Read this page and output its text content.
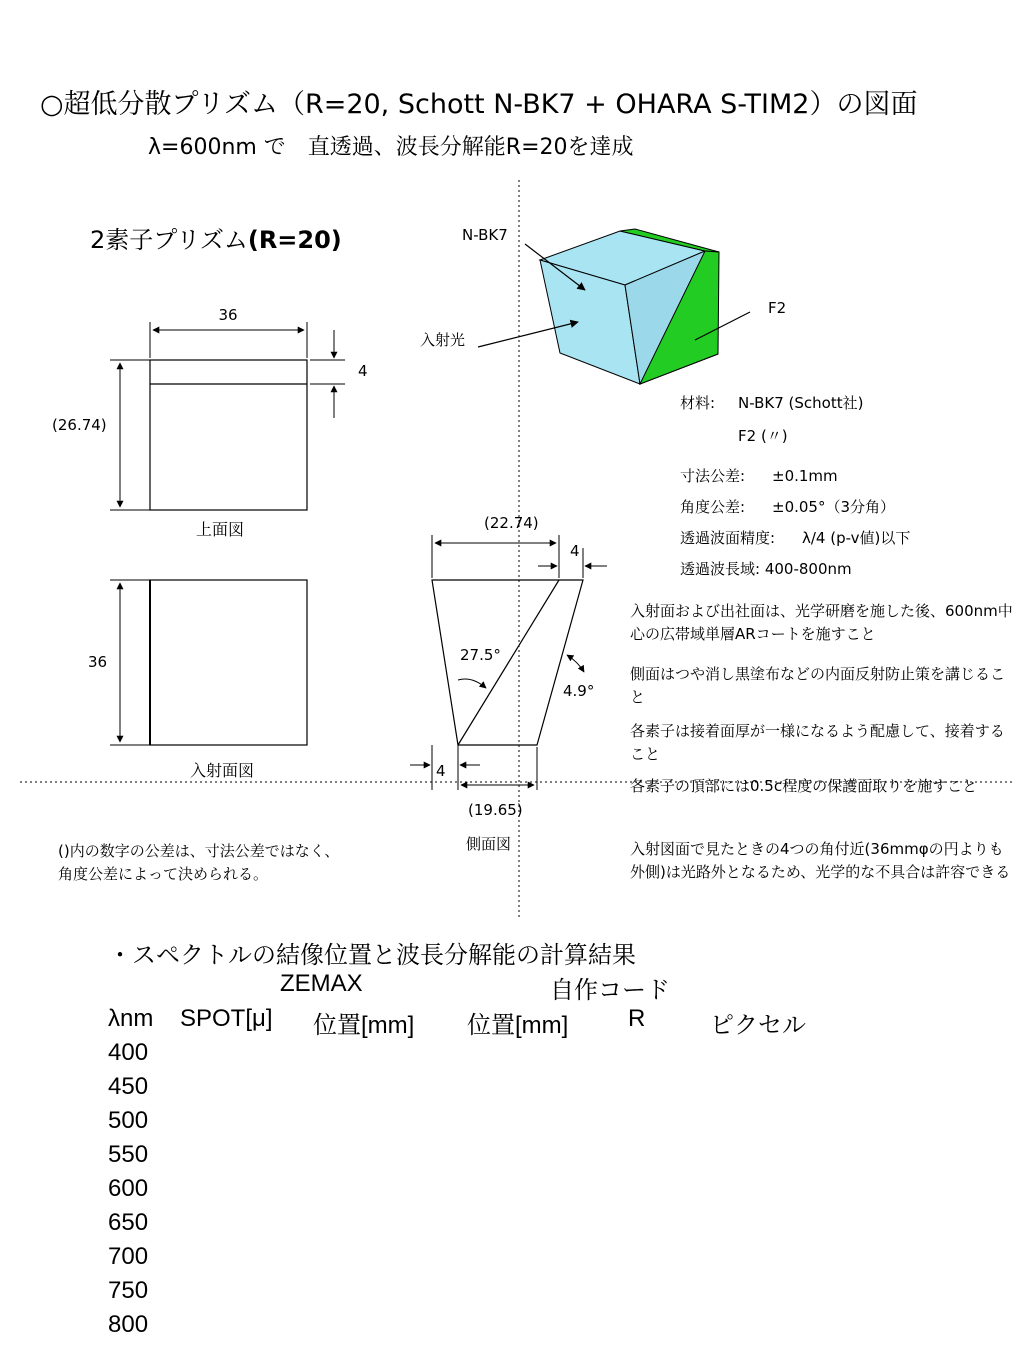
○超低分散プリズム（R=20, Schott N-BK7 + OHARA S-TIM2）の図面
λ=600nm で　直透過、波長分解能R=20を達成
2素子プリズム(R=20)
36
4
(26.74)
上面図
36
入射面図
(22.74)
4
27.5°
4.9°
4
(19.65)
側面図
N-BK7
F2
入射光
()内の数字の公差は、寸法公差ではなく、
角度公差によって決められる。
材料: N-BK7 (Schott社)
F2 (〃)
寸法公差: ±0.1mm
角度公差: ±0.05°（3分角）
透過波面精度: λ/4 (p-v値)以下
透過波長域: 400-800nm
入射面および出社面は、光学研磨を施した後、600nm中心の広帯域単層ARコートを施すこと
側面はつや消し黒塗布などの内面反射防止策を講じること
各素子は接着面厚が一様になるよう配慮して、接着すること
各素子の頂部には0.5c程度の保護面取りを施すこと
入射図面で見たときの4つの角付近(36mmφの円よりも外側)は光路外となるため、光学的な不具合は許容できる
・スペクトルの結像位置と波長分解能の計算結果
ZEMAX	自作コード
λnm SPOT[μ] 位置[mm] 位置[mm] R	ピクセル
400
450
500
550
600
650
700
750
800
